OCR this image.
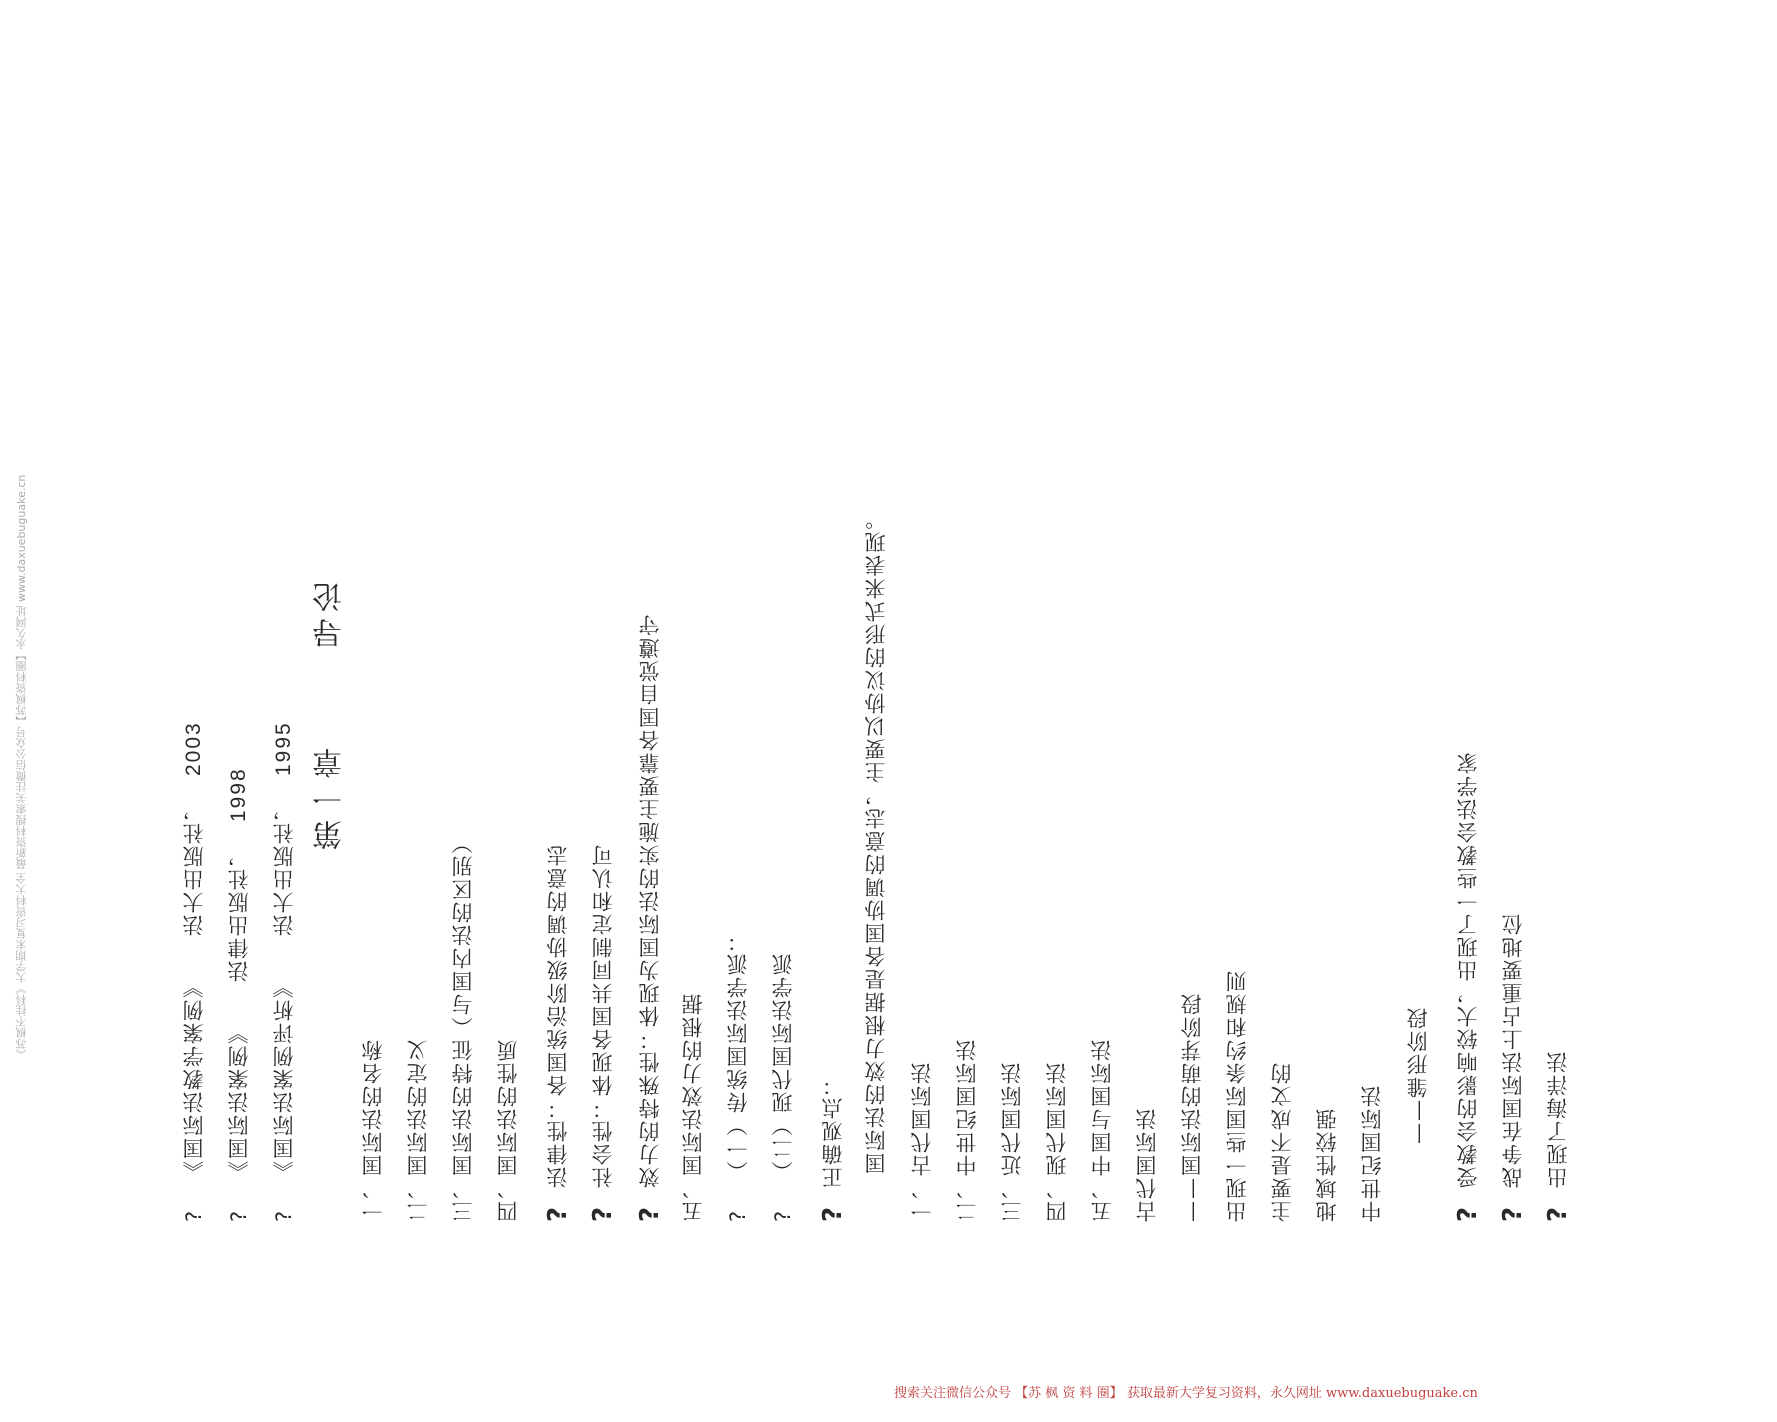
《苏枫不挂科》大学期末复习资料大全 最新资料搜索关注微信公众号【苏枫资料圈】永久网址 www.daxuebuguake.cn
? 《国际法教学案例》 法大出版社， 2003
? 《国际法案例》 法律出版社， 1998
? 《国际法案例评析》 法大出版社， 1995 第一章 导论
一、国际法的名称 二、国际法的定义 三、国际法的特征（与国内法的区别） 四、国际法的性质 ? 法律性：各国统治阶级协调的意志
? 社会性：体现各国共同制定和认可
? 效力的特殊性：体现为国际法的实施主要靠各国自觉遵守 五、国际法效力的根据 ? （一）传统国际法学派：
? （二）现代国际法学派
? 正确观点： 国际法的效力根据是各国协调的意志，主要以协议的形式来表现。 一、古代国际法 二、中世纪国际法 三、近代国际法 四、现代国际法 五、中国与国际法 古代国际法 ——国际法的萌芽阶段 出现一些国际条约和规则 主要是不成文的 地域性较强 中世纪国际法
——雏形阶段
? 受教会的影响较大，出现了一些教会法学家
? 战争在国际法上占重要地位
? 出现了海洋法
搜索关注微信公众号 【苏 枫 资 料 圈】 获取最新大学复习资料，永久网址 www.daxuebuguake.cn
